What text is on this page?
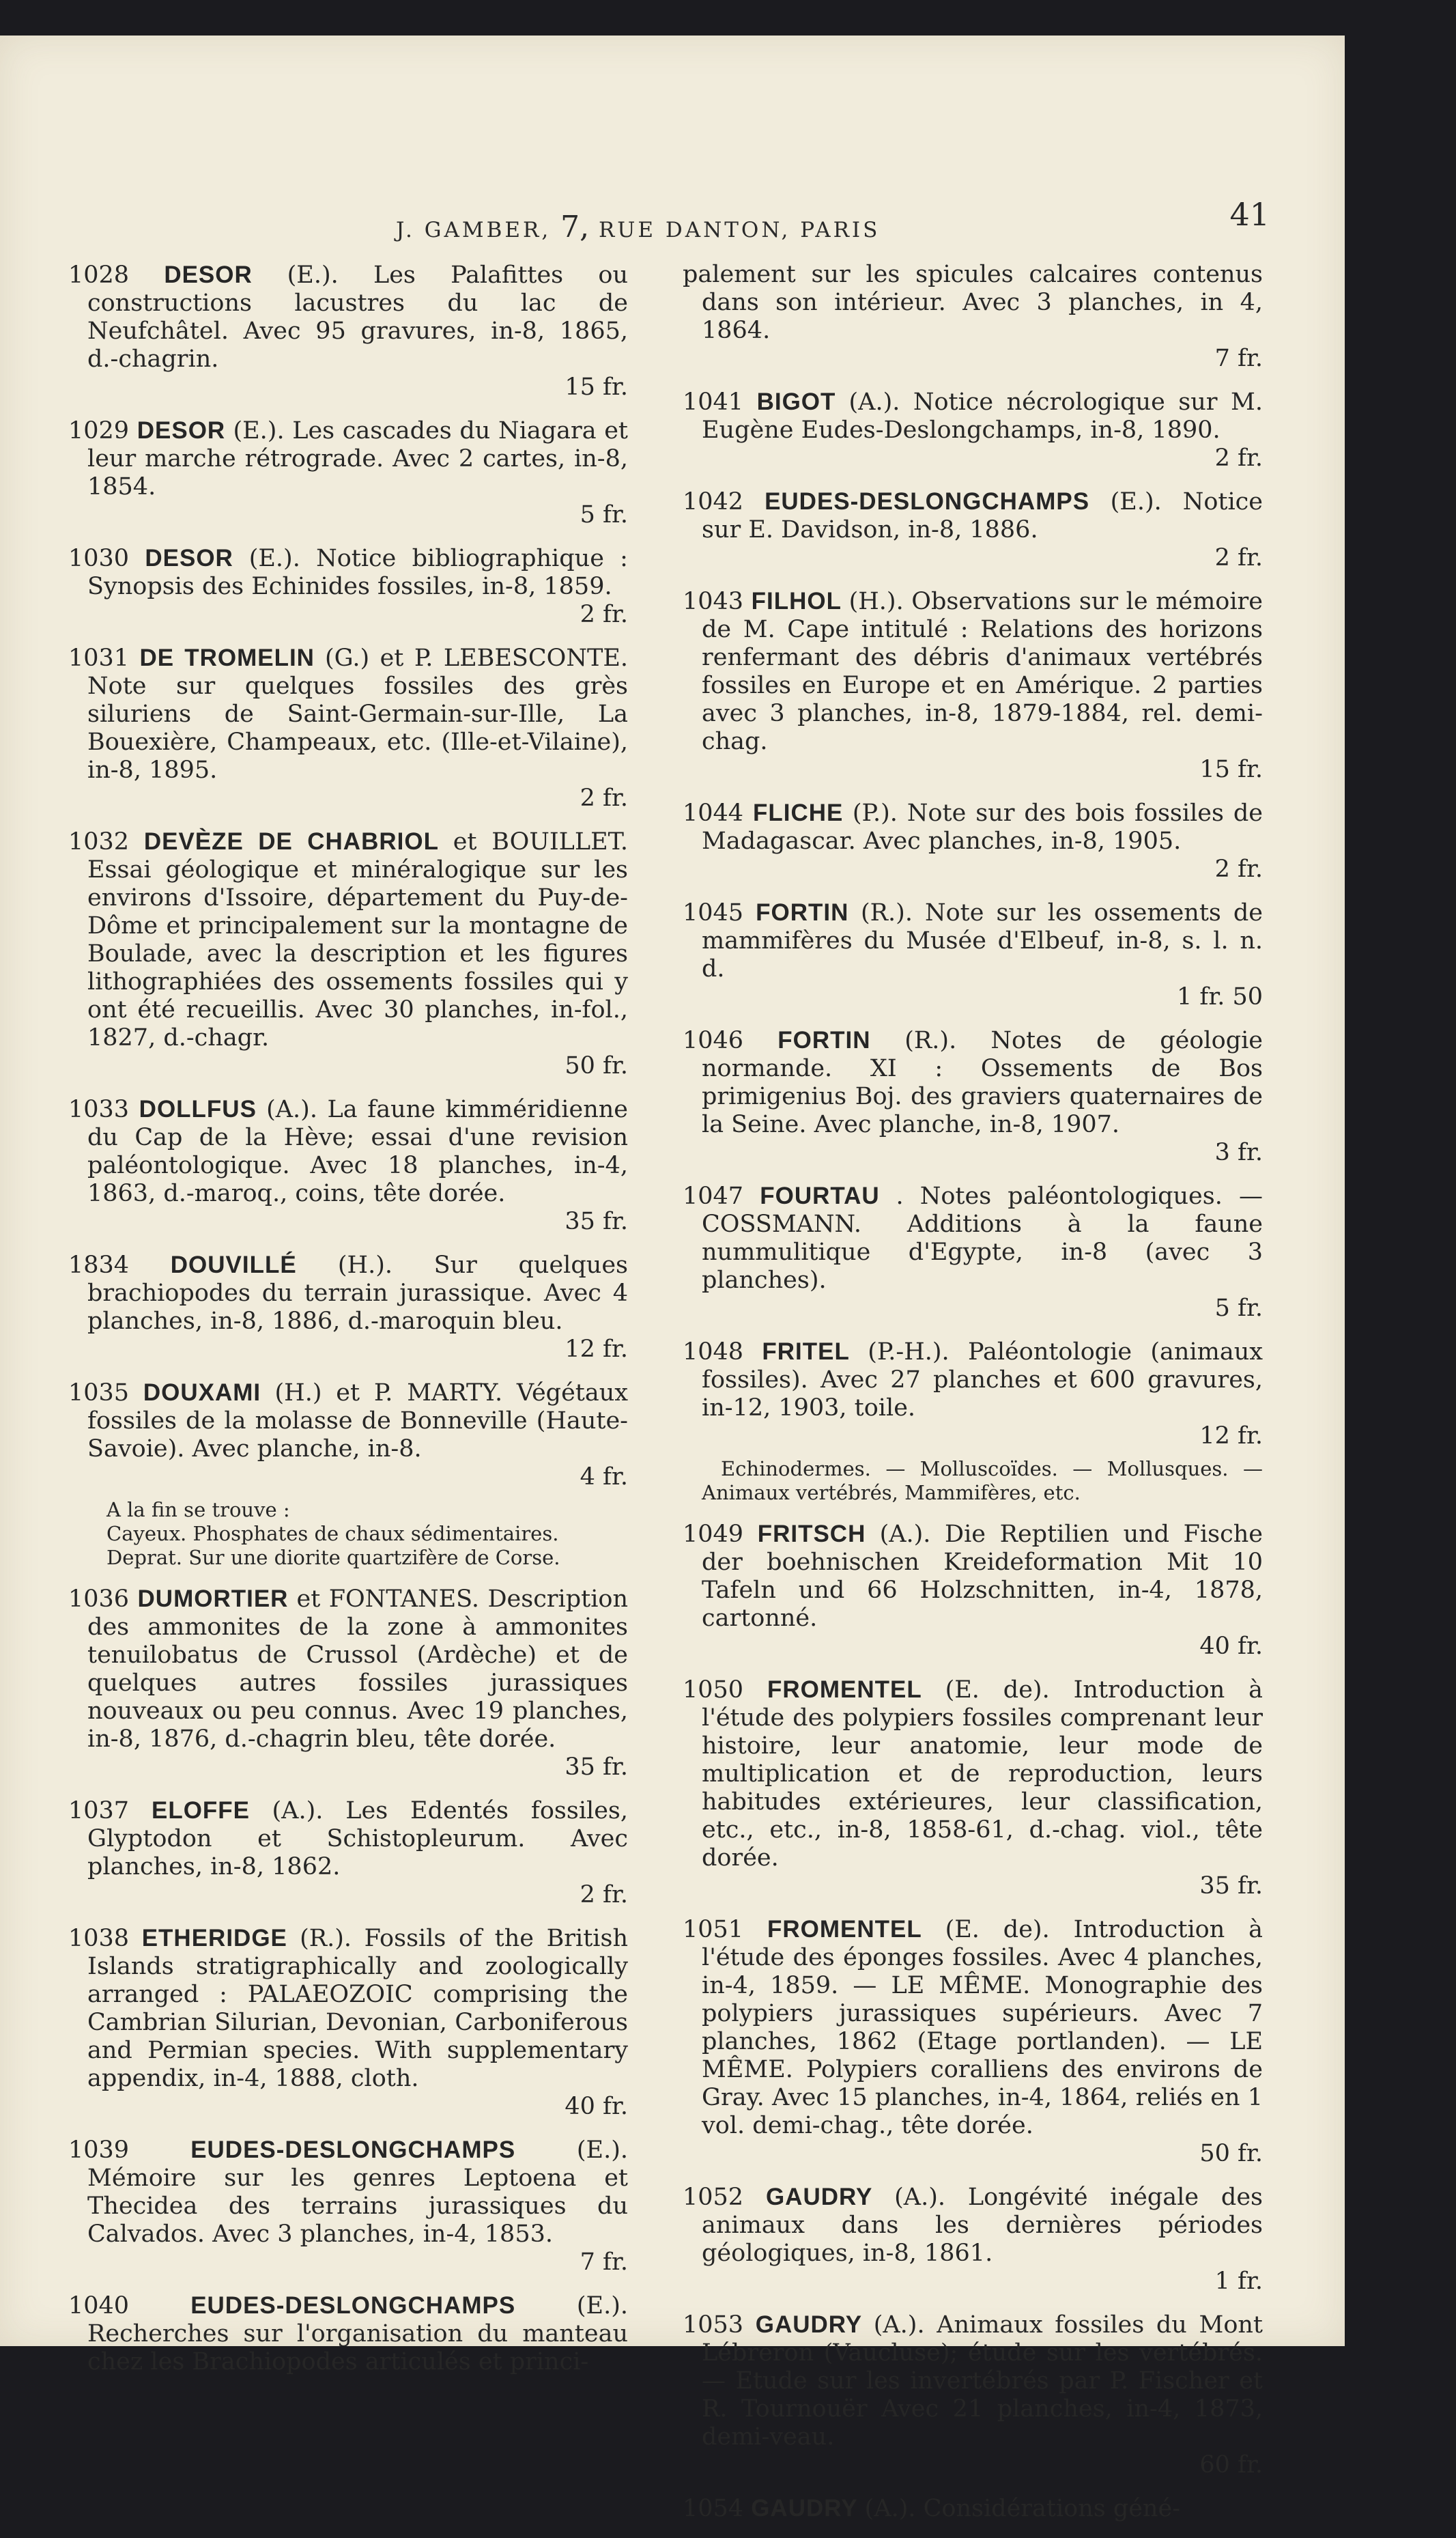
J. GAMBER, 7, RUE DANTON, PARIS	41
1028 DESOR (E.). Les Palafittes ou constructions lacustres du lac de Neufchâtel. Avec 95 gravures, in-8, 1865, d.-chagrin.
15 fr.
1029 DESOR (E.). Les cascades du Niagara et leur marche rétrograde. Avec 2 cartes, in-8, 1854.
5 fr.
1030 DESOR (E.). Notice bibliographique : Synopsis des Echinides fossiles, in-8, 1859.
2 fr.
1031 DE TROMELIN (G.) et P. LEBESCONTE. Note sur quelques fossiles des grès siluriens de Saint-Germain-sur-Ille, La Bouexière, Champeaux, etc. (Ille-et-Vilaine), in-8, 1895.
2 fr.
1032 DEVÈZE DE CHABRIOL et BOUILLET. Essai géologique et minéralogique sur les environs d'Issoire, département du Puy-de-Dôme et principalement sur la montagne de Boulade, avec la description et les figures lithographiées des ossements fossiles qui y ont été recueillis. Avec 30 planches, in-fol., 1827, d.-chagr.
50 fr.
1033 DOLLFUS (A.). La faune kimméridienne du Cap de la Hève; essai d'une revision paléontologique. Avec 18 planches, in-4, 1863, d.-maroq., coins, tête dorée.
35 fr.
1834 DOUVILLÉ (H.). Sur quelques brachiopodes du terrain jurassique. Avec 4 planches, in-8, 1886, d.-maroquin bleu.
12 fr.
1035 DOUXAMI (H.) et P. MARTY. Végétaux fossiles de la molasse de Bonneville (Haute-Savoie). Avec planche, in-8.
4 fr.

A la fin se trouve :

Cayeux. Phosphates de chaux sédimentaires.

Deprat. Sur une diorite quartzifère de Corse.

1036 DUMORTIER et FONTANES. Description des ammonites de la zone à ammonites tenuilobatus de Crussol (Ardèche) et de quelques autres fossiles jurassiques nouveaux ou peu connus. Avec 19 planches, in-8, 1876, d.-chagrin bleu, tête dorée.
35 fr.
1037 ELOFFE (A.). Les Edentés fossiles, Glyptodon et Schistopleurum. Avec planches, in-8, 1862.
2 fr.
1038 ETHERIDGE (R.). Fossils of the British Islands stratigraphically and zoologically arranged : PALAEOZOIC comprising the Cambrian Silurian, Devonian, Carboniferous and Permian species. With supplementary appendix, in-4, 1888, cloth.
40 fr.
1039 EUDES-DESLONGCHAMPS (E.). Mémoire sur les genres Leptoena et Thecidea des terrains jurassiques du Calvados. Avec 3 planches, in-4, 1853.
7 fr.
1040 EUDES-DESLONGCHAMPS (E.). Recherches sur l'organisation du manteau chez les Brachiopodes articulés et princi-
palement sur les spicules calcaires contenus dans son intérieur. Avec 3 planches, in 4, 1864.
7 fr.
1041 BIGOT (A.). Notice nécrologique sur M. Eugène Eudes-Deslongchamps, in-8, 1890.
2 fr.
1042 EUDES-DESLONGCHAMPS (E.). Notice sur E. Davidson, in-8, 1886.
2 fr.
1043 FILHOL (H.). Observations sur le mémoire de M. Cape intitulé : Relations des horizons renfermant des débris d'animaux vertébrés fossiles en Europe et en Amérique. 2 parties avec 3 planches, in-8, 1879-1884, rel. demi-chag.
15 fr.
1044 FLICHE (P.). Note sur des bois fossiles de Madagascar. Avec planches, in-8, 1905.
2 fr.
1045 FORTIN (R.). Note sur les ossements de mammifères du Musée d'Elbeuf, in-8, s. l. n. d.
1 fr. 50
1046 FORTIN (R.). Notes de géologie normande. XI : Ossements de Bos primigenius Boj. des graviers quaternaires de la Seine. Avec planche, in-8, 1907.
3 fr.
1047 FOURTAU . Notes paléontologiques. — COSSMANN. Additions à la faune nummulitique d'Egypte, in-8 (avec 3 planches).
5 fr.
1048 FRITEL (P.-H.). Paléontologie (animaux fossiles). Avec 27 planches et 600 gravures, in-12, 1903, toile.
12 fr.

Echinodermes. — Molluscoïdes. — Mollusques. — Animaux vertébrés, Mammifères, etc.

1049 FRITSCH (A.). Die Reptilien und Fische der boehnischen Kreideformation Mit 10 Tafeln und 66 Holzschnitten, in-4, 1878, cartonné.
40 fr.
1050 FROMENTEL (E. de). Introduction à l'étude des polypiers fossiles comprenant leur histoire, leur anatomie, leur mode de multiplication et de reproduction, leurs habitudes extérieures, leur classification, etc., etc., in-8, 1858-61, d.-chag. viol., tête dorée.
35 fr.
1051 FROMENTEL (E. de). Introduction à l'étude des éponges fossiles. Avec 4 planches, in-4, 1859. — LE MÊME. Monographie des polypiers jurassiques supérieurs. Avec 7 planches, 1862 (Etage portlanden). — LE MÊME. Polypiers coralliens des environs de Gray. Avec 15 planches, in-4, 1864, reliés en 1 vol. demi-chag., tête dorée.
50 fr.
1052 GAUDRY (A.). Longévité inégale des animaux dans les dernières périodes géologiques, in-8, 1861.
1 fr.
1053 GAUDRY (A.). Animaux fossiles du Mont Lébreron (Vaucluse); étude sur les vertébrés. — Etude sur les invertébrés par P. Fischer et R. Tournouër Avec 21 planches, in-4, 1873, demi-veau.
60 fr.
1054 GAUDRY (A.). Considérations géné-
